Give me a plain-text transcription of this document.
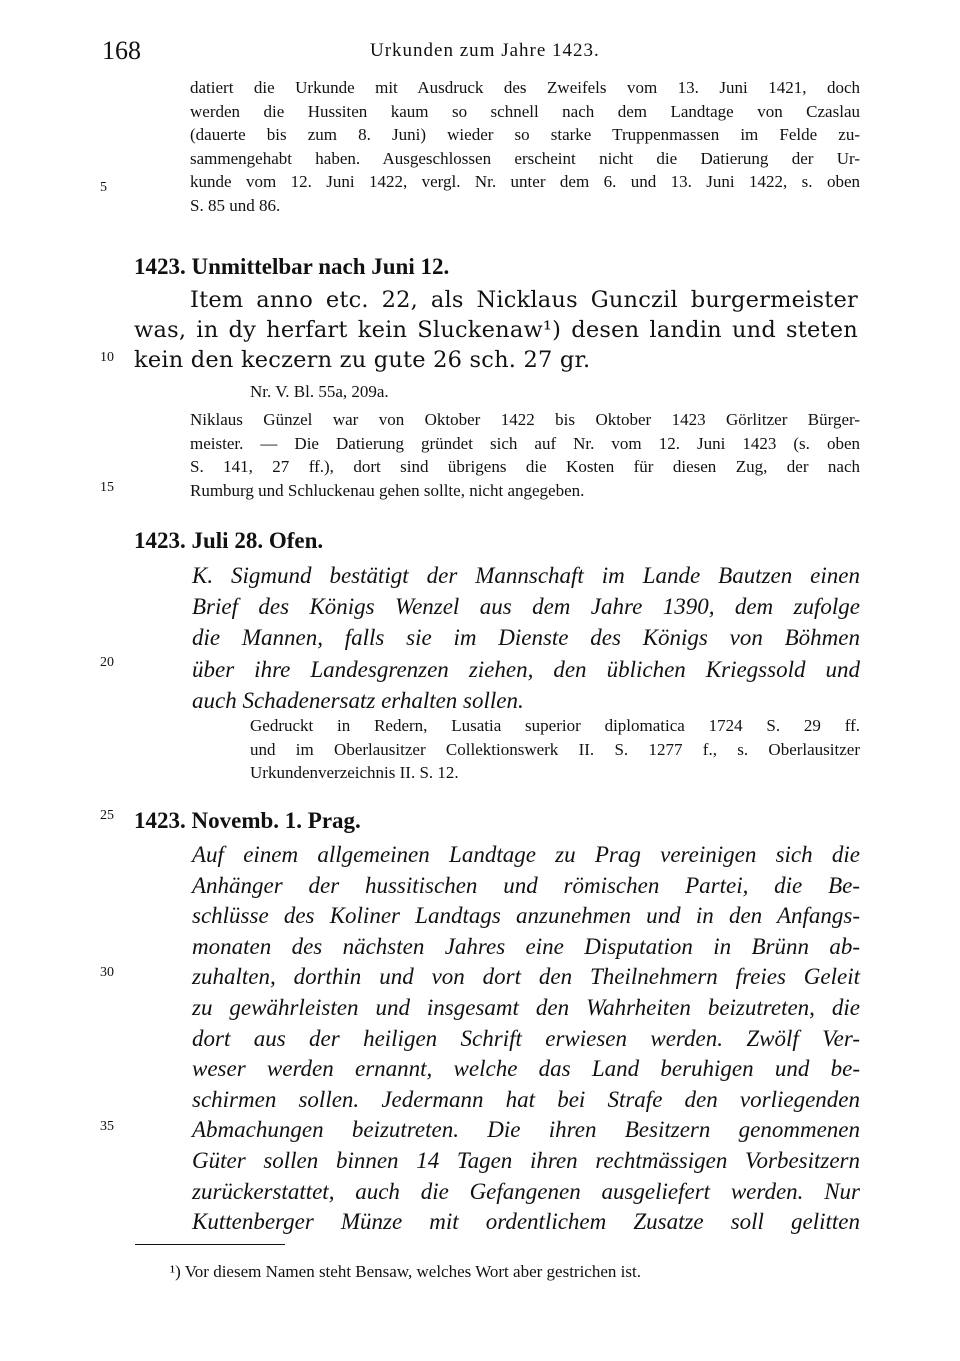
168	Urkunden zum Jahre 1423.
5
10
15
20
25
30
35
datiert die Urkunde mit Ausdruck des Zweifels vom 13. Juni 1421, doch
werden die Hussiten kaum so schnell nach dem Landtage von Czaslau
(dauerte bis zum 8. Juni) wieder so starke Truppenmassen im Felde zu-
sammengehabt haben. Ausgeschlossen erscheint nicht die Datierung der Ur-
kunde vom 12. Juni 1422, vergl. Nr. unter dem 6. und 13. Juni 1422, s. oben
S. 85 und 86.
1423. Unmittelbar nach Juni 12.
Item anno etc. 22, als Nicklaus Gunczil burgermeister
was, in dy herfart kein Sluckenaw¹) desen landin und steten
kein den keczern zu gute 26 sch. 27 gr.
Nr. V. Bl. 55a, 209a.
Niklaus Günzel war von Oktober 1422 bis Oktober 1423 Görlitzer Bürger-
meister. — Die Datierung gründet sich auf Nr. vom 12. Juni 1423 (s. oben
S. 141, 27 ff.), dort sind übrigens die Kosten für diesen Zug, der nach
Rumburg und Schluckenau gehen sollte, nicht angegeben.
1423. Juli 28. Ofen.
K. Sigmund bestätigt der Mannschaft im Lande Bautzen einen
Brief des Königs Wenzel aus dem Jahre 1390, dem zufolge
die Mannen, falls sie im Dienste des Königs von Böhmen
über ihre Landesgrenzen ziehen, den üblichen Kriegssold und
auch Schadenersatz erhalten sollen.
Gedruckt in Redern, Lusatia superior diplomatica 1724 S. 29 ff.
und im Oberlausitzer Collektionswerk II. S. 1277 f., s. Oberlausitzer
Urkundenverzeichnis II. S. 12.
1423. Novemb. 1. Prag.
Auf einem allgemeinen Landtage zu Prag vereinigen sich die
Anhänger der hussitischen und römischen Partei, die Be-
schlüsse des Koliner Landtags anzunehmen und in den Anfangs-
monaten des nächsten Jahres eine Disputation in Brünn ab-
zuhalten, dorthin und von dort den Theilnehmern freies Geleit
zu gewährleisten und insgesamt den Wahrheiten beizutreten, die
dort aus der heiligen Schrift erwiesen werden. Zwölf Ver-
weser werden ernannt, welche das Land beruhigen und be-
schirmen sollen. Jedermann hat bei Strafe den vorliegenden
Abmachungen beizutreten. Die ihren Besitzern genommenen
Güter sollen binnen 14 Tagen ihren rechtmässigen Vorbesitzern
zurückerstattet, auch die Gefangenen ausgeliefert werden. Nur
Kuttenberger Münze mit ordentlichem Zusatze soll gelitten
¹) Vor diesem Namen steht Bensaw, welches Wort aber gestrichen ist.
